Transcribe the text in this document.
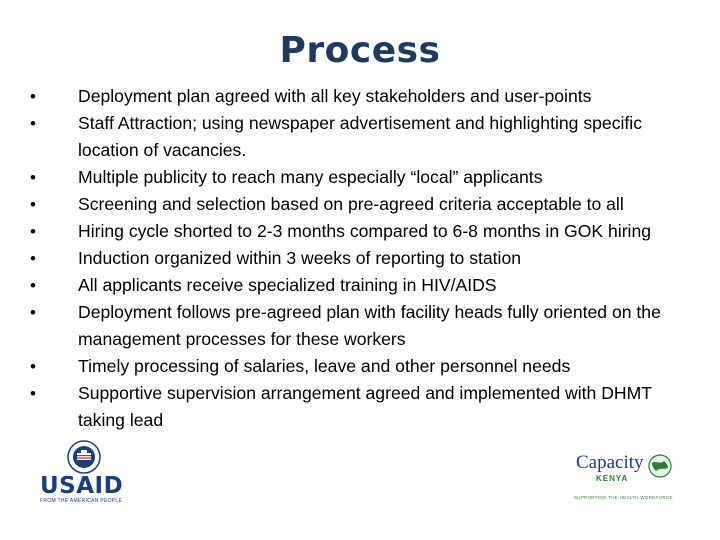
Process
• Deployment plan agreed with all key stakeholders and user-points
• Staff Attraction; using newspaper advertisement and highlighting specific location of vacancies.
• Multiple publicity to reach many especially “local” applicants
• Screening and selection based on pre-agreed criteria acceptable to all
• Hiring cycle shorted to 2-3 months compared to 6-8 months in GOK hiring
• Induction organized within 3 weeks of reporting to station
• All applicants receive specialized training in HIV/AIDS
• Deployment follows pre-agreed plan with facility heads fully oriented on the management processes for these workers
• Timely processing of salaries, leave and other personnel needs
• Supportive supervision arrangement agreed and implemented with DHMT taking lead
USAID
FROM THE AMERICAN PEOPLE
Capacity
KENYA
SUPPORTING THE HEALTH WORKFORCE
